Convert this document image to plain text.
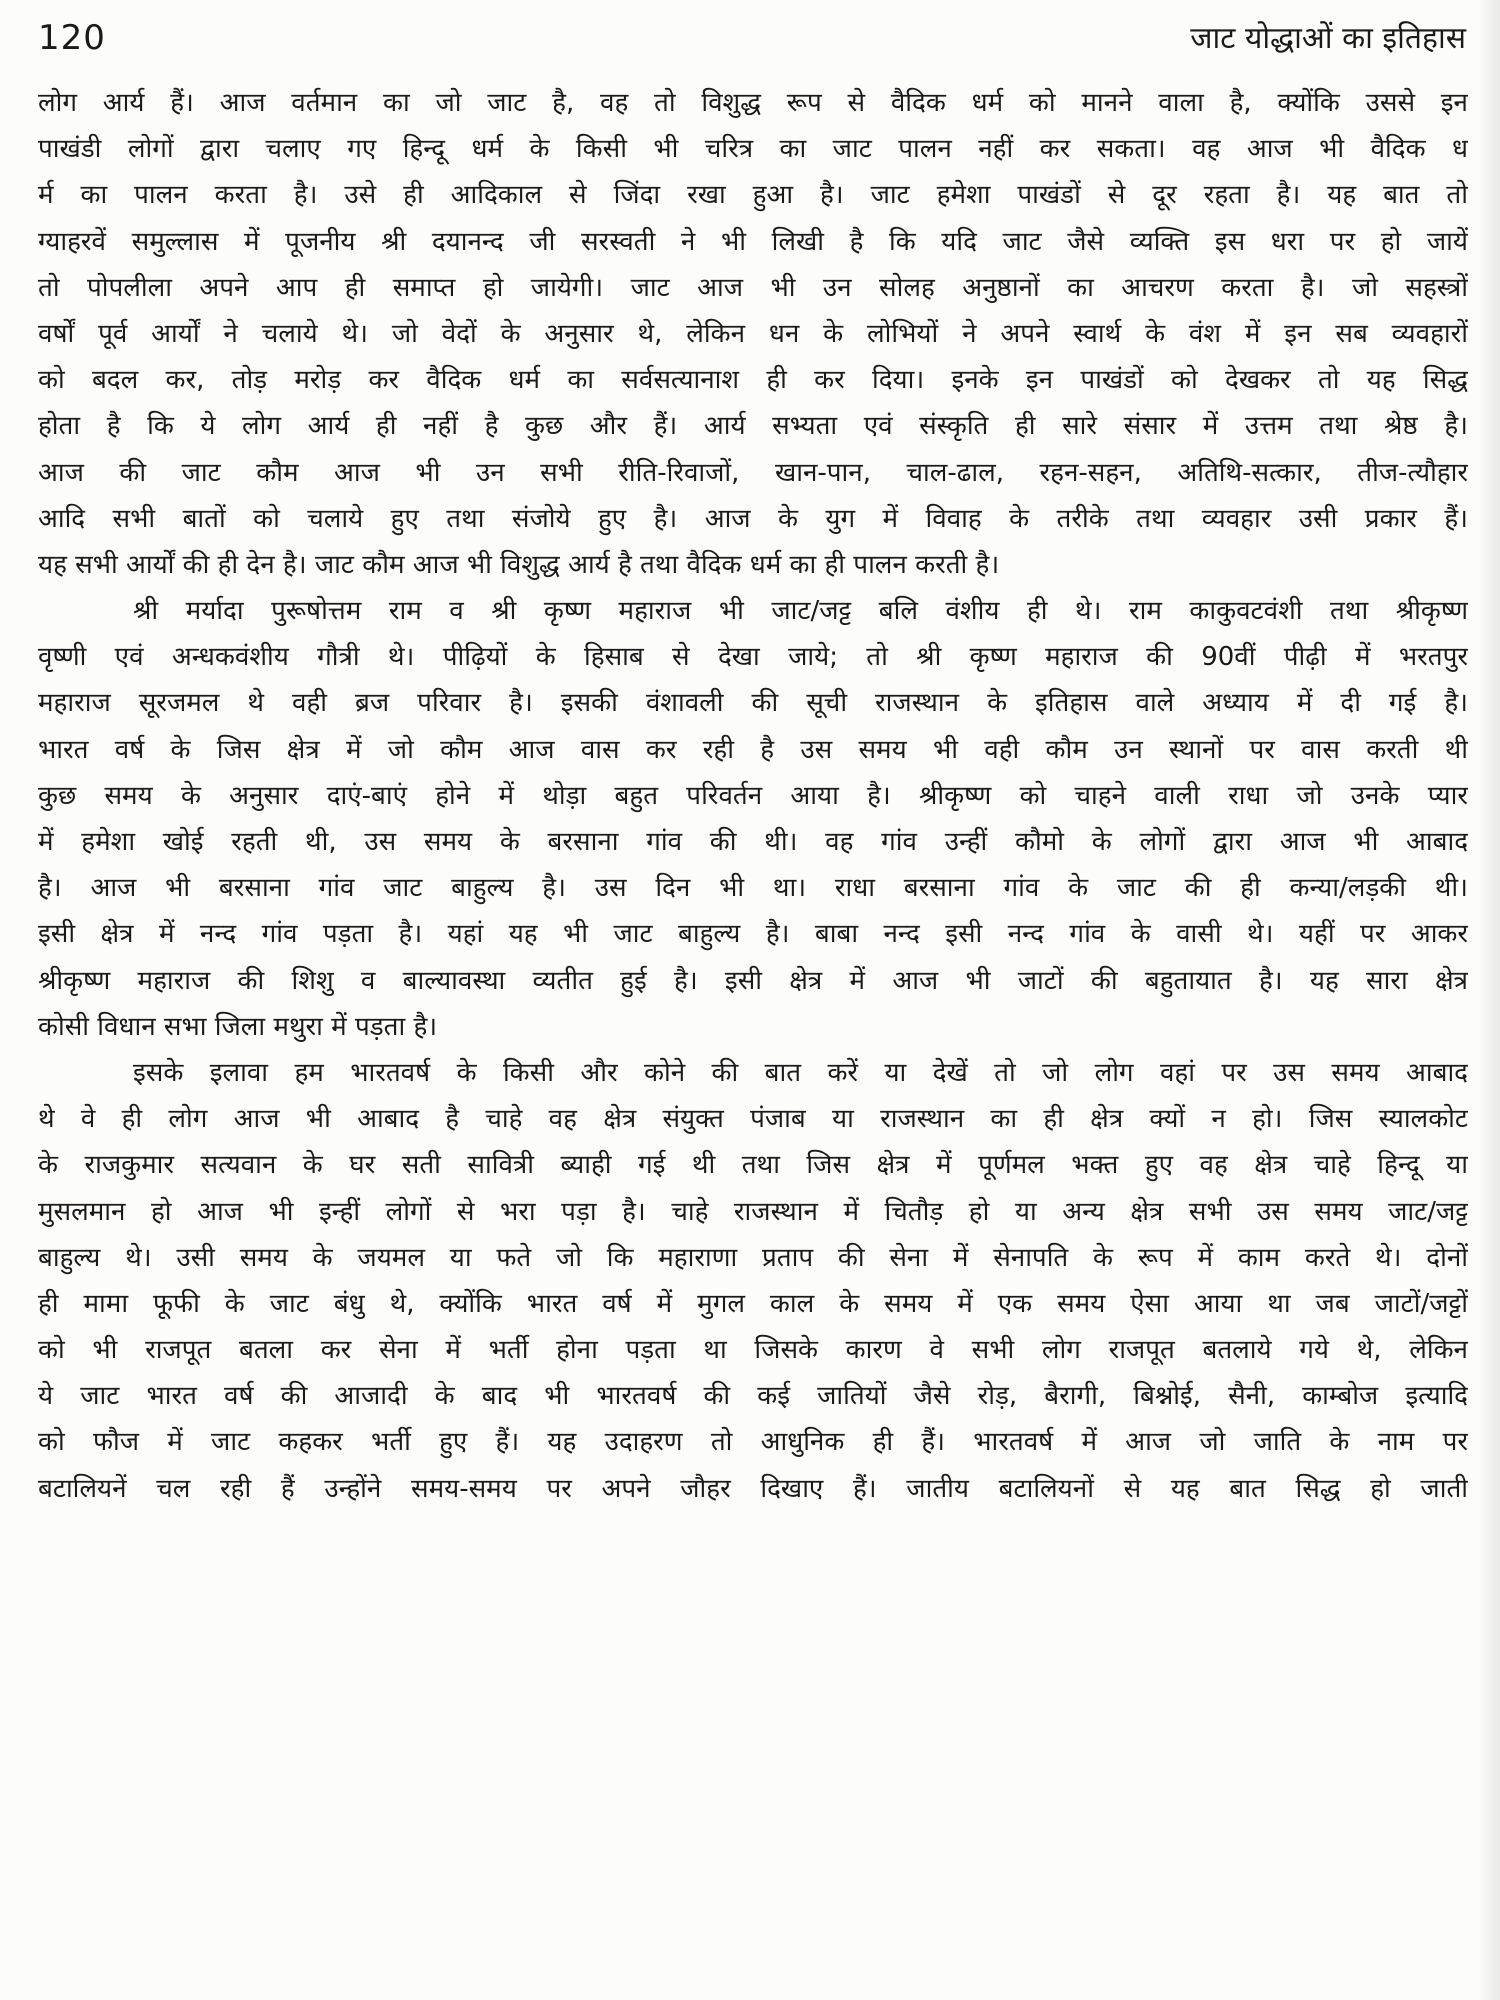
120	जाट योद्धाओं का इतिहास
लोग आर्य हैं। आज वर्तमान का जो जाट है, वह तो विशुद्ध रूप से वैदिक धर्म को मानने वाला है, क्योंकि उससे इन
पाखंडी लोगों द्वारा चलाए गए हिन्दू धर्म के किसी भी चरित्र का जाट पालन नहीं कर सकता। वह आज भी वैदिक ध
र्म का पालन करता है। उसे ही आदिकाल से जिंदा रखा हुआ है। जाट हमेशा पाखंडों से दूर रहता है। यह बात तो
ग्याहरवें समुल्लास में पूजनीय श्री दयानन्द जी सरस्वती ने भी लिखी है कि यदि जाट जैसे व्यक्ति इस धरा पर हो जायें
तो पोपलीला अपने आप ही समाप्त हो जायेगी। जाट आज भी उन सोलह अनुष्ठानों का आचरण करता है। जो सहस्त्रों
वर्षों पूर्व आर्यों ने चलाये थे। जो वेदों के अनुसार थे, लेकिन धन के लोभियों ने अपने स्वार्थ के वंश में इन सब व्यवहारों
को बदल कर, तोड़ मरोड़ कर वैदिक धर्म का सर्वसत्यानाश ही कर दिया। इनके इन पाखंडों को देखकर तो यह सिद्ध
होता है कि ये लोग आर्य ही नहीं है कुछ और हैं। आर्य सभ्यता एवं संस्कृति ही सारे संसार में उत्तम तथा श्रेष्ठ है।
आज की जाट कौम आज भी उन सभी रीति-रिवाजों, खान-पान, चाल-ढाल, रहन-सहन, अतिथि-सत्कार, तीज-त्यौहार
आदि सभी बातों को चलाये हुए तथा संजोये हुए है। आज के युग में विवाह के तरीके तथा व्यवहार उसी प्रकार हैं।
यह सभी आर्यों की ही देन है। जाट कौम आज भी विशुद्ध आर्य है तथा वैदिक धर्म का ही पालन करती है।
श्री मर्यादा पुरूषोत्तम राम व श्री कृष्ण महाराज भी जाट/जट्ट बलि वंशीय ही थे। राम काकुवटवंशी तथा श्रीकृष्ण
वृष्णी एवं अन्धकवंशीय गौत्री थे। पीढ़ियों के हिसाब से देखा जाये; तो श्री कृष्ण महाराज की 90वीं पीढ़ी में भरतपुर
महाराज सूरजमल थे वही ब्रज परिवार है। इसकी वंशावली की सूची राजस्थान के इतिहास वाले अध्याय में दी गई है।
भारत वर्ष के जिस क्षेत्र में जो कौम आज वास कर रही है उस समय भी वही कौम उन स्थानों पर वास करती थी
कुछ समय के अनुसार दाएं-बाएं होने में थोड़ा बहुत परिवर्तन आया है। श्रीकृष्ण को चाहने वाली राधा जो उनके प्यार
में हमेशा खोई रहती थी, उस समय के बरसाना गांव की थी। वह गांव उन्हीं कौमो के लोगों द्वारा आज भी आबाद
है। आज भी बरसाना गांव जाट बाहुल्य है। उस दिन भी था। राधा बरसाना गांव के जाट की ही कन्या/लड़की थी।
इसी क्षेत्र में नन्द गांव पड़ता है। यहां यह भी जाट बाहुल्य है। बाबा नन्द इसी नन्द गांव के वासी थे। यहीं पर आकर
श्रीकृष्ण महाराज की शिशु व बाल्यावस्था व्यतीत हुई है। इसी क्षेत्र में आज भी जाटों की बहुतायात है। यह सारा क्षेत्र
कोसी विधान सभा जिला मथुरा में पड़ता है।
इसके इलावा हम भारतवर्ष के किसी और कोने की बात करें या देखें तो जो लोग वहां पर उस समय आबाद
थे वे ही लोग आज भी आबाद है चाहे वह क्षेत्र संयुक्त पंजाब या राजस्थान का ही क्षेत्र क्यों न हो। जिस स्यालकोट
के राजकुमार सत्यवान के घर सती सावित्री ब्याही गई थी तथा जिस क्षेत्र में पूर्णमल भक्त हुए वह क्षेत्र चाहे हिन्दू या
मुसलमान हो आज भी इन्हीं लोगों से भरा पड़ा है। चाहे राजस्थान में चितौड़ हो या अन्य क्षेत्र सभी उस समय जाट/जट्ट
बाहुल्य थे। उसी समय के जयमल या फते जो कि महाराणा प्रताप की सेना में सेनापति के रूप में काम करते थे। दोनों
ही मामा फूफी के जाट बंधु थे, क्योंकि भारत वर्ष में मुगल काल के समय में एक समय ऐसा आया था जब जाटों/जट्टों
को भी राजपूत बतला कर सेना में भर्ती होना पड़ता था जिसके कारण वे सभी लोग राजपूत बतलाये गये थे, लेकिन
ये जाट भारत वर्ष की आजादी के बाद भी भारतवर्ष की कई जातियों जैसे रोड़, बैरागी, बिश्नोई, सैनी, काम्बोज इत्यादि
को फौज में जाट कहकर भर्ती हुए हैं। यह उदाहरण तो आधुनिक ही हैं। भारतवर्ष में आज जो जाति के नाम पर
बटालियनें चल रही हैं उन्होंने समय-समय पर अपने जौहर दिखाए हैं। जातीय बटालियनों से यह बात सिद्ध हो जाती
